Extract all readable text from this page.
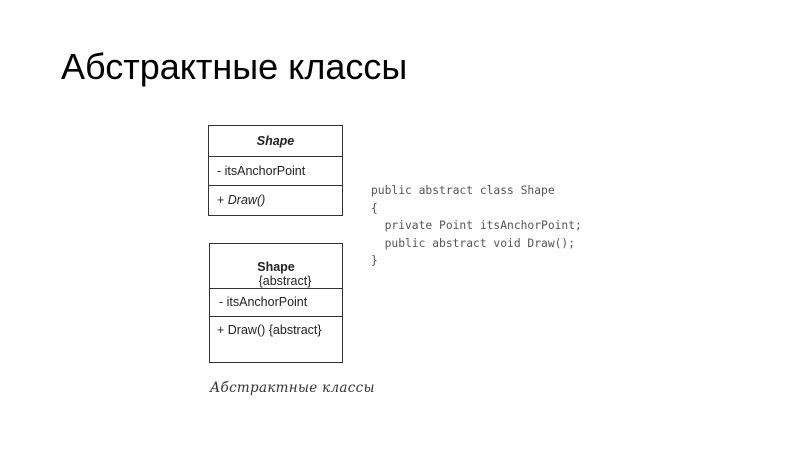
Абстрактные классы
Shape
- itsAnchorPoint
+ Draw()
Shape
{abstract}
- itsAnchorPoint
+ Draw() {abstract}
public abstract class Shape
{
private Point itsAnchorPoint;
public abstract void Draw();
}
Абстрактные классы
